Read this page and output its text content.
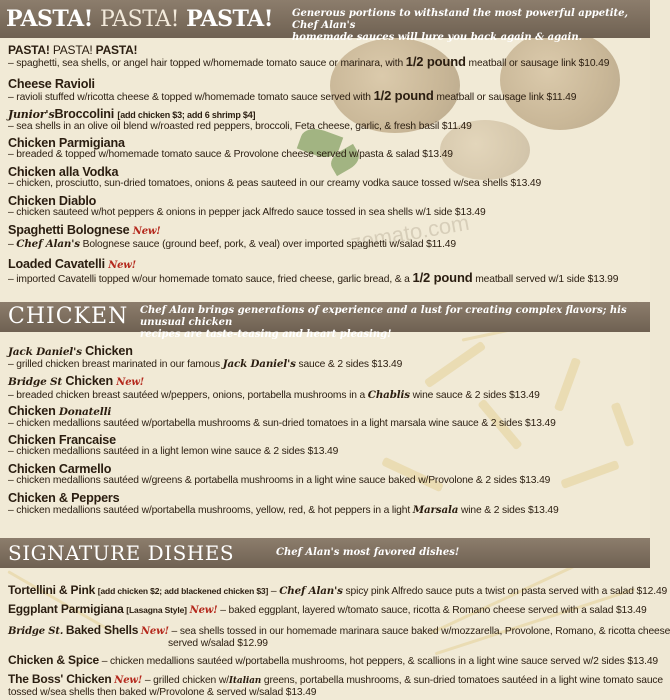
zomato.com
PASTA! PASTA! PASTA! Generous portions to withstand the most powerful appetite, Chef Alan's
homemade sauces will lure you back again & again.
PASTA! PASTA! PASTA!
– spaghetti, sea shells, or angel hair topped w/homemade tomato sauce or marinara, with 1/2 pound meatball or sausage link $10.49
Cheese Ravioli
– ravioli stuffed w/ricotta cheese & topped w/homemade tomato sauce served with 1/2 pound meatball or sausage link $11.49
Junior'sBroccolini [add chicken $3; add 6 shrimp $4]
– sea shells in an olive oil blend w/roasted red peppers, broccoli, Feta cheese, garlic, & fresh basil $11.49
Chicken Parmigiana
– breaded & topped w/homemade tomato sauce & Provolone cheese served w/pasta & salad $13.49
Chicken alla Vodka
– chicken, prosciutto, sun-dried tomatoes, onions & peas sauteed in our creamy vodka sauce tossed w/sea shells $13.49
Chicken Diablo
– chicken sauteed w/hot peppers & onions in pepper jack Alfredo sauce tossed in sea shells w/1 side $13.49
Spaghetti Bolognese New!
– Chef Alan's Bolognese sauce (ground beef, pork, & veal) over imported spaghetti w/salad $11.49
Loaded Cavatelli New!
– imported Cavatelli topped w/our homemade tomato sauce, fried cheese, garlic bread, & a 1/2 pound meatball served w/1 side $13.99
CHICKEN Chef Alan brings generations of experience and a lust for creating complex flavors; his unusual chicken
recipes are taste-teasing and heart pleasing!
Jack Daniel's Chicken
– grilled chicken breast marinated in our famous Jack Daniel's sauce & 2 sides $13.49
Bridge St Chicken New!
– breaded chicken breast sautéed w/peppers, onions, portabella mushrooms in a Chablis wine sauce & 2 sides $13.49
Chicken Donatelli
– chicken medallions sautéed w/portabella mushrooms & sun-dried tomatoes in a light marsala wine sauce & 2 sides $13.49
Chicken Francaise
– chicken medallions sautéed in a light lemon wine sauce & 2 sides $13.49
Chicken Carmello
– chicken medallions sautéed w/greens & portabella mushrooms in a light wine sauce baked w/Provolone & 2 sides $13.49
Chicken & Peppers
– chicken medallions sautéed w/portabella mushrooms, yellow, red, & hot peppers in a light Marsala wine & 2 sides $13.49
SIGNATURE DISHES	Chef Alan's most favored dishes!
Tortellini & Pink [add chicken $2; add blackened chicken $3] – Chef Alan's spicy pink Alfredo sauce puts a twist on pasta served with a salad $12.49
Eggplant Parmigiana [Lasagna Style] New! – baked eggplant, layered w/tomato sauce, ricotta & Romano cheese served with a salad $13.49
Bridge St. Baked Shells New! – sea shells tossed in our homemade marinara sauce baked w/mozzarella, Provolone, Romano, & ricotta cheese
served w/salad $12.99
Chicken & Spice – chicken medallions sautéed w/portabella mushrooms, hot peppers, & scallions in a light wine sauce served w/2 sides $13.49
The Boss' Chicken New! – grilled chicken w/Italian greens, portabella mushrooms, & sun-dried tomatoes sautéed in a light wine tomato sauce
tossed w/sea shells then baked w/Provolone & served w/salad $13.49
